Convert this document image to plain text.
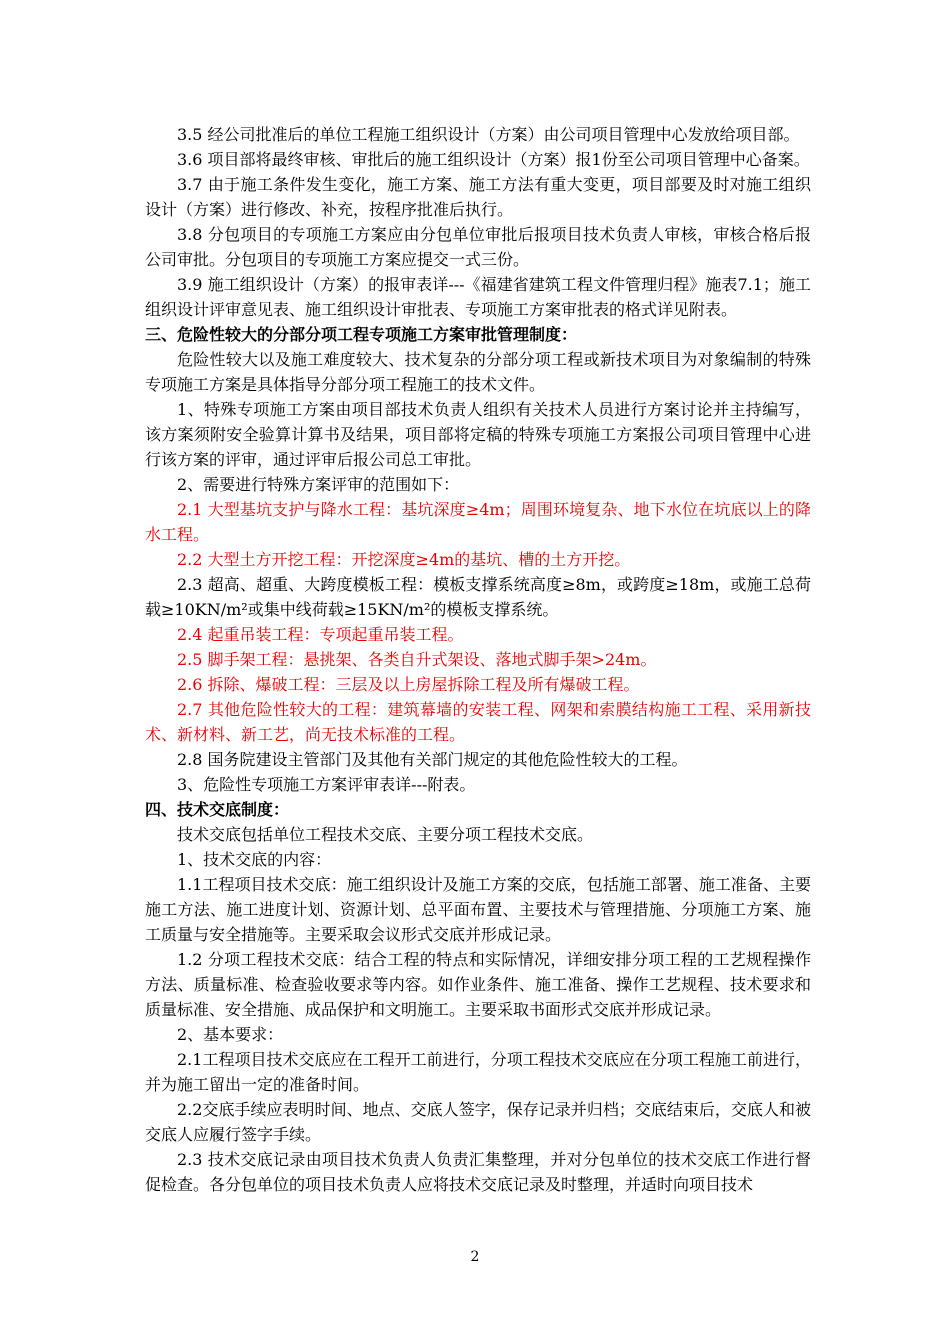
3.5 经公司批准后的单位工程施工组织设计（方案）由公司项目管理中心发放给项目部。

3.6 项目部将最终审核、审批后的施工组织设计（方案）报1份至公司项目管理中心备案。

3.7 由于施工条件发生变化，施工方案、施工方法有重大变更，项目部要及时对施工组织设计（方案）进行修改、补充，按程序批准后执行。

3.8 分包项目的专项施工方案应由分包单位审批后报项目技术负责人审核，审核合格后报公司审批。分包项目的专项施工方案应提交一式三份。

3.9 施工组织设计（方案）的报审表详---《福建省建筑工程文件管理归程》施表7.1；施工组织设计评审意见表、施工组织设计审批表、专项施工方案审批表的格式详见附表。

三、危险性较大的分部分项工程专项施工方案审批管理制度：

危险性较大以及施工难度较大、技术复杂的分部分项工程或新技术项目为对象编制的特殊专项施工方案是具体指导分部分项工程施工的技术文件。

1、特殊专项施工方案由项目部技术负责人组织有关技术人员进行方案讨论并主持编写，该方案须附安全验算计算书及结果，项目部将定稿的特殊专项施工方案报公司项目管理中心进行该方案的评审，通过评审后报公司总工审批。

2、需要进行特殊方案评审的范围如下：

2.1 大型基坑支护与降水工程：基坑深度≥4m；周围环境复杂、地下水位在坑底以上的降水工程。

2.2 大型土方开挖工程：开挖深度≥4m的基坑、槽的土方开挖。

2.3 超高、超重、大跨度模板工程：模板支撑系统高度≥8m，或跨度≥18m，或施工总荷载≥10KN/m²或集中线荷载≥15KN/m²的模板支撑系统。

2.4 起重吊装工程：专项起重吊装工程。

2.5 脚手架工程：悬挑架、各类自升式架设、落地式脚手架>24m。

2.6 拆除、爆破工程：三层及以上房屋拆除工程及所有爆破工程。

2.7 其他危险性较大的工程：建筑幕墙的安装工程、网架和索膜结构施工工程、采用新技术、新材料、新工艺，尚无技术标准的工程。

2.8 国务院建设主管部门及其他有关部门规定的其他危险性较大的工程。

3、危险性专项施工方案评审表详---附表。

四、技术交底制度：

技术交底包括单位工程技术交底、主要分项工程技术交底。

1、技术交底的内容：

1.1工程项目技术交底：施工组织设计及施工方案的交底，包括施工部署、施工准备、主要施工方法、施工进度计划、资源计划、总平面布置、主要技术与管理措施、分项施工方案、施工质量与安全措施等。主要采取会议形式交底并形成记录。

1.2 分项工程技术交底：结合工程的特点和实际情况，详细安排分项工程的工艺规程操作方法、质量标准、检查验收要求等内容。如作业条件、施工准备、操作工艺规程、技术要求和质量标准、安全措施、成品保护和文明施工。主要采取书面形式交底并形成记录。

2、基本要求：

2.1工程项目技术交底应在工程开工前进行，分项工程技术交底应在分项工程施工前进行，并为施工留出一定的准备时间。

2.2交底手续应表明时间、地点、交底人签字，保存记录并归档；交底结束后，交底人和被交底人应履行签字手续。

2.3 技术交底记录由项目技术负责人负责汇集整理，并对分包单位的技术交底工作进行督促检查。各分包单位的项目技术负责人应将技术交底记录及时整理，并适时向项目技术

2
